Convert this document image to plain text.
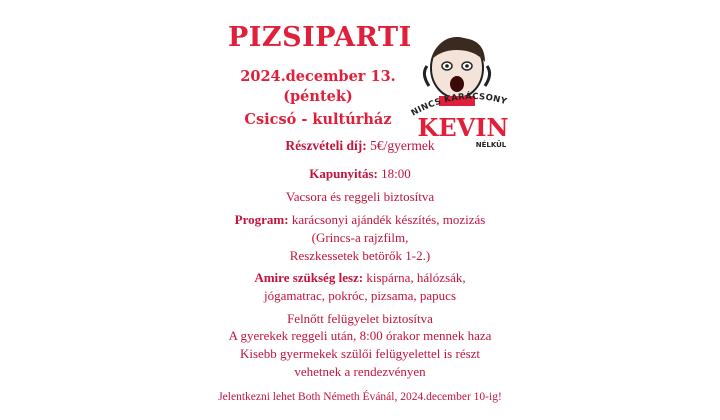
PIZSIPARTI
2024.december 13.
(péntek)
Csicsó - kultúrház	NINCS KARÁCSONY
KEVIN
NÉLKÜL
Részvételi díj: 5€/gyermek
Kapunyitás: 18:00
Vacsora és reggeli biztosítva
Program: karácsonyi ajándék készítés, mozizás
(Grincs-a rajzfilm,
Reszkessetek betörők 1-2.)
Amire szükség lesz: kispárna, hálózsák,
jógamatrac, pokróc, pizsama, papucs
Felnőtt felügyelet biztosítva
A gyerekek reggeli után, 8:00 órakor mennek haza
Kisebb gyermekek szülői felügyelettel is részt
vehetnek a rendezvényen
Jelentkezni lehet Both Németh Évánál, 2024.december 10-ig!
